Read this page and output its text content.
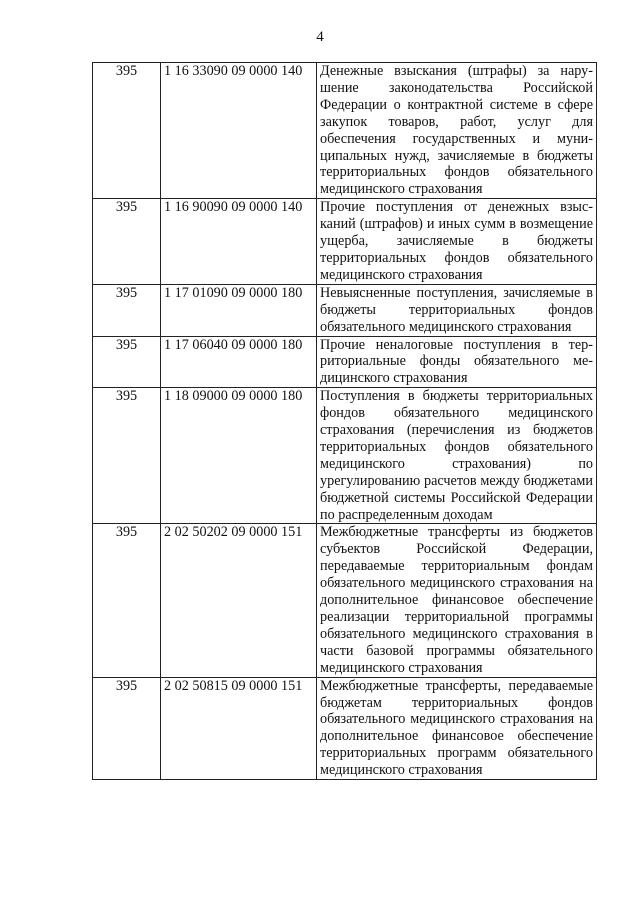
4
395	1 16 33090 09 0000 140	Денежные взыскания (штрафы) за нарушение законодательства Российской Федерации о контрактной системе в сфере закупок товаров, работ, услуг для обеспечения государственных и муниципальных нужд, зачисляемые в бюджеты территориальных фондов обязательного медицинского страхования
395	1 16 90090 09 0000 140	Прочие поступления от денежных взысканий (штрафов) и иных сумм в возмещение ущерба, зачисляемые в бюджеты территориальных фондов обязательного медицинского страхования
395	1 17 01090 09 0000 180	Невыясненные поступления, зачисляемые в бюджеты территориальных фондов обязательного медицинского страхования
395	1 17 06040 09 0000 180	Прочие неналоговые поступления в территориальные фонды обязательного медицинского страхования
395	1 18 09000 09 0000 180	Поступления в бюджеты территориальных фондов обязательного медицинского страхования (перечисления из бюджетов территориальных фондов обязательного медицинского страхования) по урегулированию расчетов между бюджетами бюджетной системы Российской Федерации по распределенным доходам
395	2 02 50202 09 0000 151	Межбюджетные трансферты из бюджетов субъектов Российской Федерации, передаваемые территориальным фондам обязательного медицинского страхования на дополнительное финансовое обеспечение реализации территориальной программы обязательного медицинского страхования в части базовой программы обязательного медицинского страхования
395	2 02 50815 09 0000 151	Межбюджетные трансферты, передаваемые бюджетам территориальных фондов обязательного медицинского страхования на дополнительное финансовое обеспечение территориальных программ обязательного медицинского страхования
